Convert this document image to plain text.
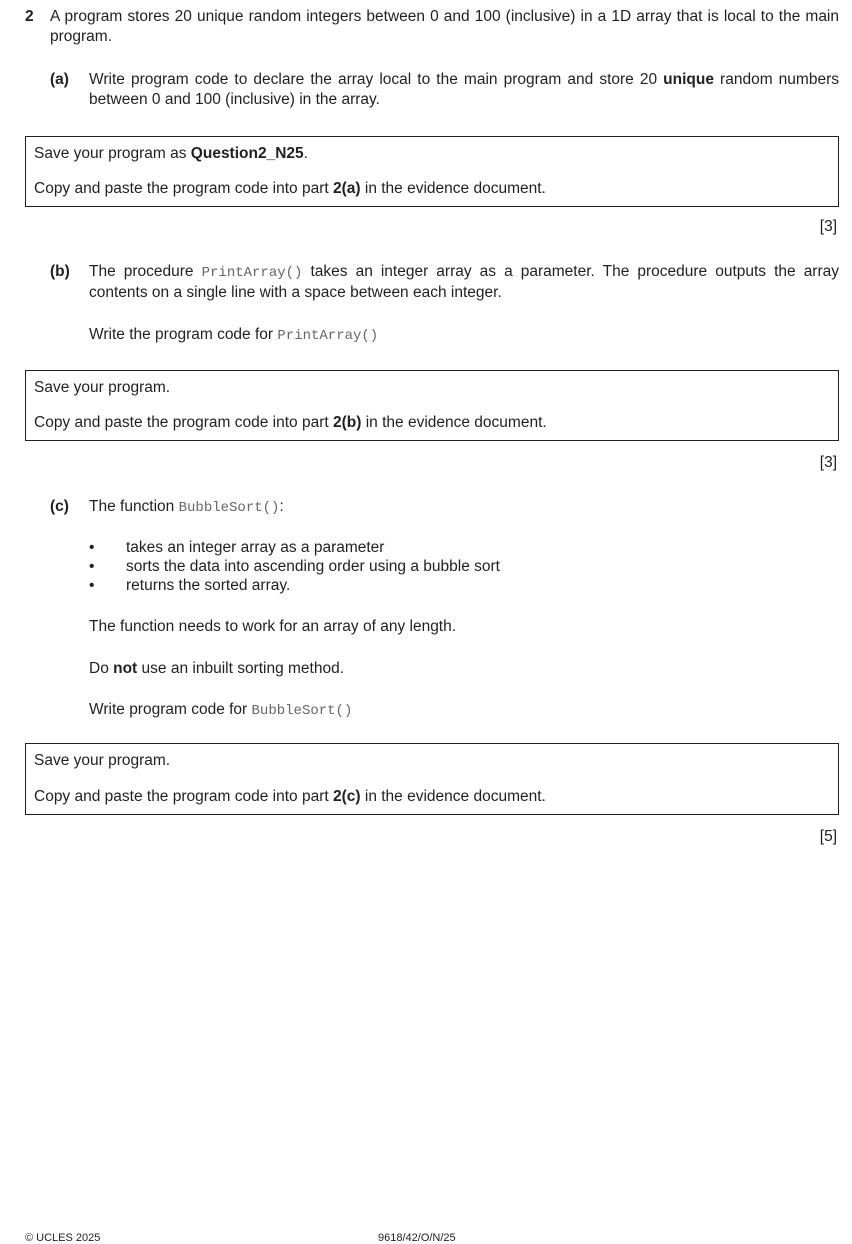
2 A program stores 20 unique random integers between 0 and 100 (inclusive) in a 1D array that is local to the main program.
(a) Write program code to declare the array local to the main program and store 20 unique random numbers between 0 and 100 (inclusive) in the array.
Save your program as Question2_N25.
Copy and paste the program code into part 2(a) in the evidence document.
[3]
(b) The procedure PrintArray() takes an integer array as a parameter. The procedure outputs the array contents on a single line with a space between each integer.
Write the program code for PrintArray()
Save your program.
Copy and paste the program code into part 2(b) in the evidence document.
[3]
(c) The function BubbleSort():
• takes an integer array as a parameter
• sorts the data into ascending order using a bubble sort
• returns the sorted array.
The function needs to work for an array of any length.
Do not use an inbuilt sorting method.
Write program code for BubbleSort()
Save your program.
Copy and paste the program code into part 2(c) in the evidence document.
[5]
© UCLES 2025	9618/42/O/N/25
